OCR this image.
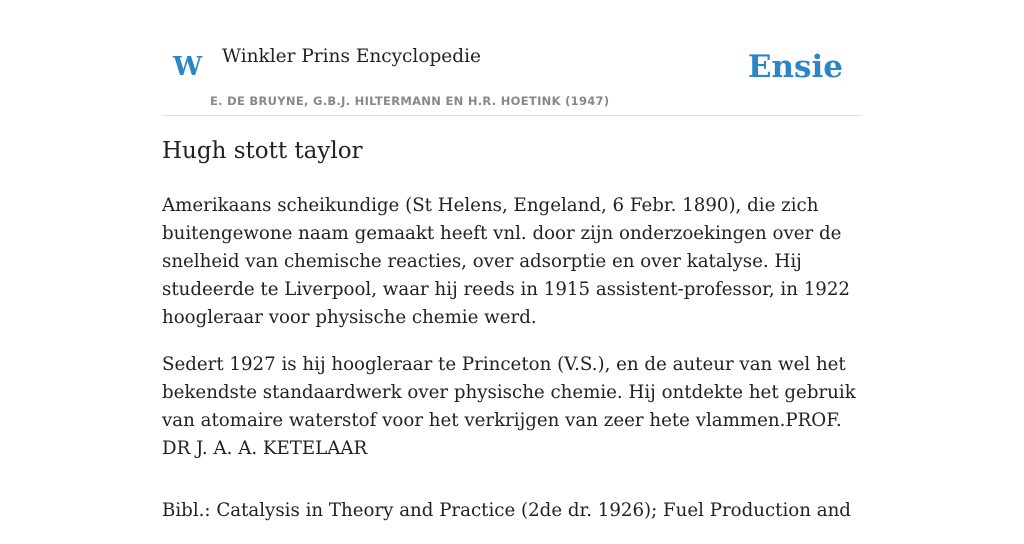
W Winkler Prins Encyclopedie
E. DE BRUYNE, G.B.J. HILTERMANN EN H.R. HOETINK (1947)
Ensie
Hugh stott taylor

Amerikaans scheikundige (St Helens, Engeland, 6 Febr. 1890), die zich buitengewone naam gemaakt heeft vnl. door zijn onderzoekingen over de snelheid van chemische reacties, over adsorptie en over katalyse. Hij studeerde te Liverpool, waar hij reeds in 1915 assistent-professor, in 1922 hoogleraar voor physische chemie werd.

Sedert 1927 is hij hoogleraar te Princeton (V.S.), en de auteur van wel het bekendste standaardwerk over physische chemie. Hij ontdekte het gebruik van atomaire waterstof voor het verkrijgen van zeer hete vlammen.PROF. DR J. A. A. KETELAAR

Bibl.: Catalysis in Theory and Practice (2de dr. 1926); Fuel Production and
